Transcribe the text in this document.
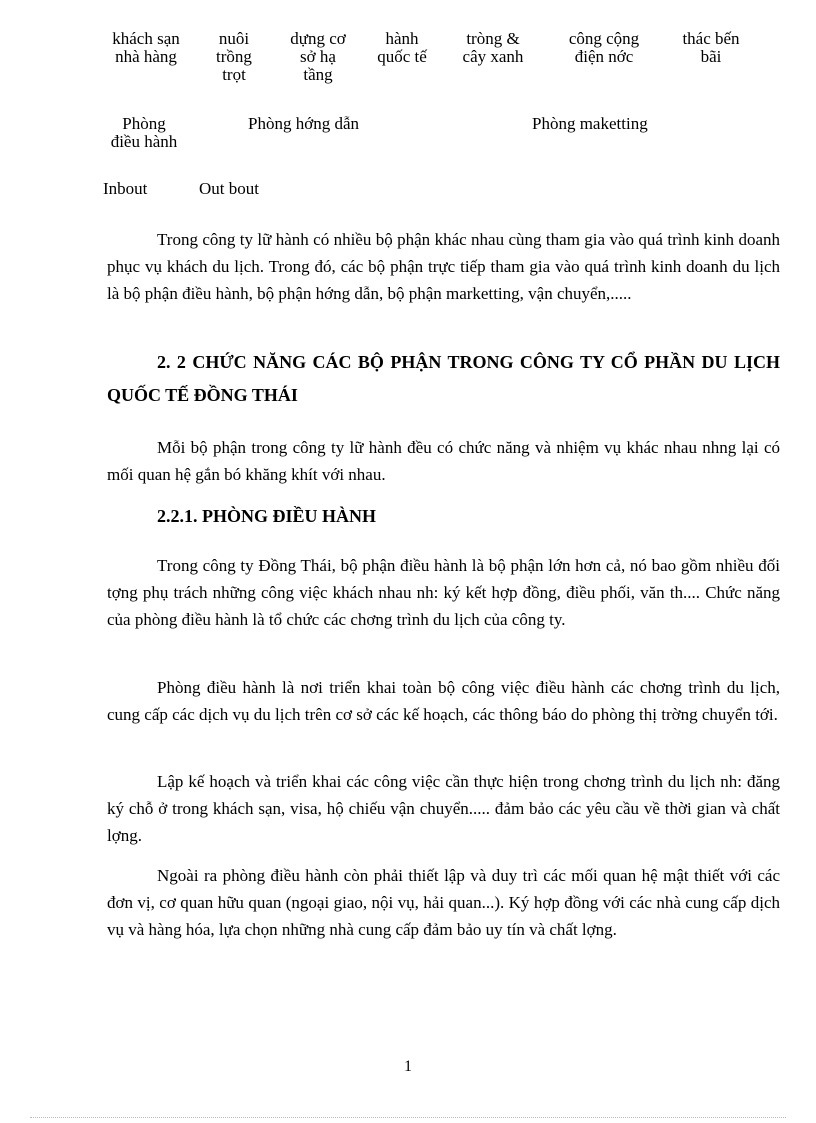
khách sạn
nhà hàng
nuôi
trồng
trọt
dựng cơ
sở hạ
tầng
hành
quốc tế
tròng &
cây xanh
công cộng
điện nớc
thác bến
bãi
Phòng
điều hành
Phòng hớng dẫn	Phòng maketting
Inbout	Out bout

Trong công ty lữ hành có nhiều bộ phận khác nhau cùng tham gia vào quá trình kinh doanh phục vụ khách du lịch. Trong đó, các bộ phận trực tiếp tham gia vào quá trình kinh doanh du lịch là bộ phận điều hành, bộ phận hớng dẫn, bộ phận marketting, vận chuyển,.....

2. 2 CHỨC NĂNG CÁC BỘ PHẬN TRONG CÔNG TY CỔ PHẦN DU LỊCH QUỐC TẾ ĐỒNG THÁI

Mỗi bộ phận trong công ty lữ hành đều có chức năng và nhiệm vụ khác nhau nhng lại có mối quan hệ gắn bó khăng khít với nhau.

2.2.1. PHÒNG ĐIỀU HÀNH

Trong công ty Đồng Thái, bộ phận điều hành là bộ phận lớn hơn cả, nó bao gồm nhiều đối tợng phụ trách những công việc khách nhau nh: ký kết hợp đồng, điều phối, văn th.... Chức năng của phòng điều hành là tổ chức các chơng trình du lịch của công ty.

Phòng điều hành là nơi triển khai toàn bộ công việc điều hành các chơng trình du lịch, cung cấp các dịch vụ du lịch trên cơ sở các kế hoạch, các thông báo do phòng thị trờng chuyển tới.

Lập kế hoạch và triển khai các công việc cần thực hiện trong chơng trình du lịch nh: đăng ký chỗ ở trong khách sạn, visa, hộ chiếu vận chuyển..... đảm bảo các yêu cầu về thời gian và chất lợng.

Ngoài ra phòng điều hành còn phải thiết lập và duy trì các mối quan hệ mật thiết với các đơn vị, cơ quan hữu quan (ngoại giao, nội vụ, hải quan...). Ký hợp đồng với các nhà cung cấp dịch vụ và hàng hóa, lựa chọn những nhà cung cấp đảm bảo uy tín và chất lợng.

1
